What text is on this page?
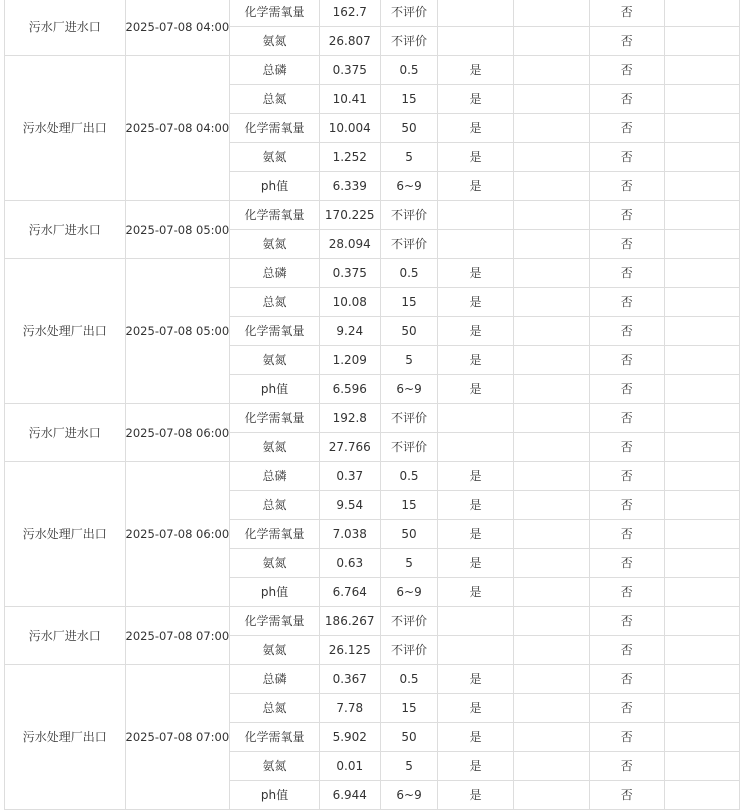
污水厂进水口	2025-07-08 04:00	化学需氧量	162.7	不评价			否	
		氨氮	26.807	不评价			否	
污水处理厂出口	2025-07-08 04:00	总磷	0.375	0.5	是		否	
		总氮	10.41	15	是		否	
		化学需氧量	10.004	50	是		否	
		氨氮	1.252	5	是		否	
		ph值	6.339	6~9	是		否	
污水厂进水口	2025-07-08 05:00	化学需氧量	170.225	不评价			否	
		氨氮	28.094	不评价			否	
污水处理厂出口	2025-07-08 05:00	总磷	0.375	0.5	是		否	
		总氮	10.08	15	是		否	
		化学需氧量	9.24	50	是		否	
		氨氮	1.209	5	是		否	
		ph值	6.596	6~9	是		否	
污水厂进水口	2025-07-08 06:00	化学需氧量	192.8	不评价			否	
		氨氮	27.766	不评价			否	
污水处理厂出口	2025-07-08 06:00	总磷	0.37	0.5	是		否	
		总氮	9.54	15	是		否	
		化学需氧量	7.038	50	是		否	
		氨氮	0.63	5	是		否	
		ph值	6.764	6~9	是		否	
污水厂进水口	2025-07-08 07:00	化学需氧量	186.267	不评价			否	
		氨氮	26.125	不评价			否	
污水处理厂出口	2025-07-08 07:00	总磷	0.367	0.5	是		否	
		总氮	7.78	15	是		否	
		化学需氧量	5.902	50	是		否	
		氨氮	0.01	5	是		否	
		ph值	6.944	6~9	是		否	
